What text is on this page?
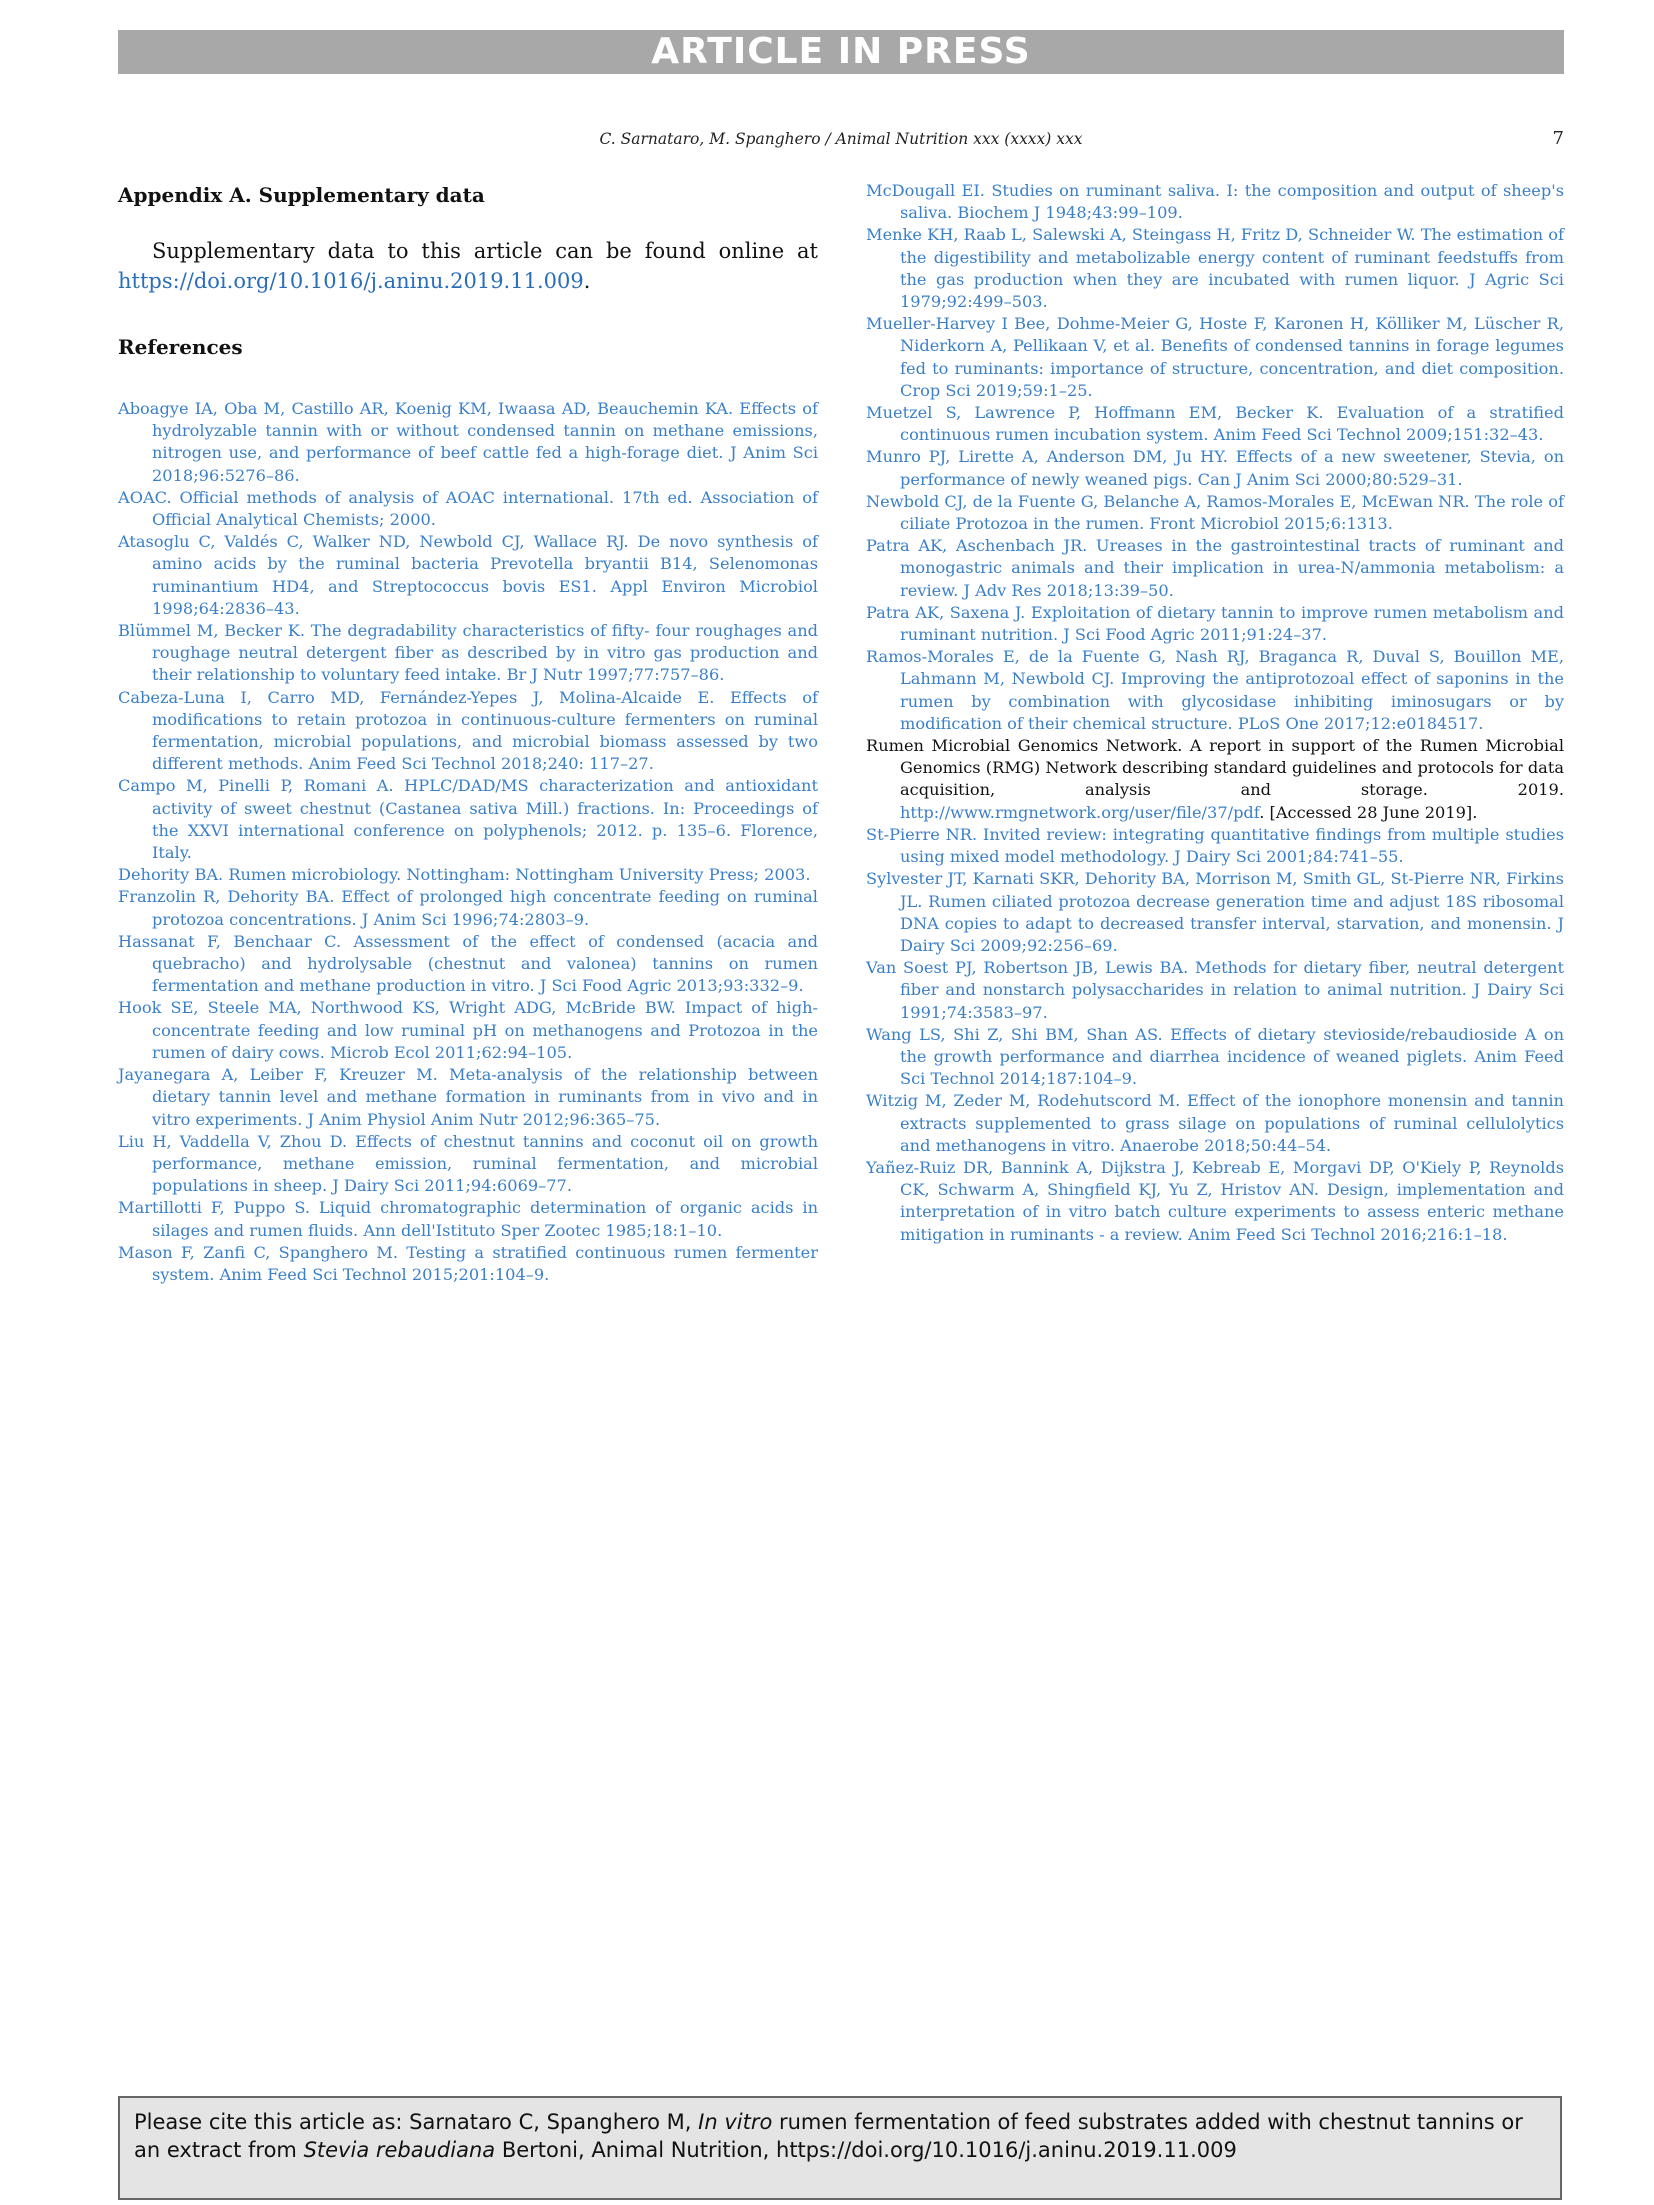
ARTICLE IN PRESS
C. Sarnataro, M. Spanghero / Animal Nutrition xxx (xxxx) xxx	7
Appendix A. Supplementary data

Supplementary data to this article can be found online at https://doi.org/10.1016/j.aninu.2019.11.009.

References
Aboagye IA, Oba M, Castillo AR, Koenig KM, Iwaasa AD, Beauchemin KA. Effects of hydrolyzable tannin with or without condensed tannin on methane emissions, nitrogen use, and performance of beef cattle fed a high-forage diet. J Anim Sci 2018;96:5276–86.
AOAC. Official methods of analysis of AOAC international. 17th ed. Association of Official Analytical Chemists; 2000.
Atasoglu C, Valdés C, Walker ND, Newbold CJ, Wallace RJ. De novo synthesis of amino acids by the ruminal bacteria Prevotella bryantii B14, Selenomonas ruminantium HD4, and Streptococcus bovis ES1. Appl Environ Microbiol 1998;64:2836–43.
Blümmel M, Becker K. The degradability characteristics of fifty- four roughages and roughage neutral detergent fiber as described by in vitro gas production and their relationship to voluntary feed intake. Br J Nutr 1997;77:757–86.
Cabeza-Luna I, Carro MD, Fernández-Yepes J, Molina-Alcaide E. Effects of modifications to retain protozoa in continuous-culture fermenters on ruminal fermentation, microbial populations, and microbial biomass assessed by two different methods. Anim Feed Sci Technol 2018;240: 117–27.
Campo M, Pinelli P, Romani A. HPLC/DAD/MS characterization and antioxidant activity of sweet chestnut (Castanea sativa Mill.) fractions. In: Proceedings of the XXVI international conference on polyphenols; 2012. p. 135–6. Florence, Italy.
Dehority BA. Rumen microbiology. Nottingham: Nottingham University Press; 2003.
Franzolin R, Dehority BA. Effect of prolonged high concentrate feeding on ruminal protozoa concentrations. J Anim Sci 1996;74:2803–9.
Hassanat F, Benchaar C. Assessment of the effect of condensed (acacia and quebracho) and hydrolysable (chestnut and valonea) tannins on rumen fermentation and methane production in vitro. J Sci Food Agric 2013;93:332–9.
Hook SE, Steele MA, Northwood KS, Wright ADG, McBride BW. Impact of high-concentrate feeding and low ruminal pH on methanogens and Protozoa in the rumen of dairy cows. Microb Ecol 2011;62:94–105.
Jayanegara A, Leiber F, Kreuzer M. Meta-analysis of the relationship between dietary tannin level and methane formation in ruminants from in vivo and in vitro experiments. J Anim Physiol Anim Nutr 2012;96:365–75.
Liu H, Vaddella V, Zhou D. Effects of chestnut tannins and coconut oil on growth performance, methane emission, ruminal fermentation, and microbial populations in sheep. J Dairy Sci 2011;94:6069–77.
Martillotti F, Puppo S. Liquid chromatographic determination of organic acids in silages and rumen fluids. Ann dell'Istituto Sper Zootec 1985;18:1–10.
Mason F, Zanfi C, Spanghero M. Testing a stratified continuous rumen fermenter system. Anim Feed Sci Technol 2015;201:104–9.
McDougall EI. Studies on ruminant saliva. I: the composition and output of sheep's saliva. Biochem J 1948;43:99–109.
Menke KH, Raab L, Salewski A, Steingass H, Fritz D, Schneider W. The estimation of the digestibility and metabolizable energy content of ruminant feedstuffs from the gas production when they are incubated with rumen liquor. J Agric Sci 1979;92:499–503.
Mueller-Harvey I Bee, Dohme-Meier G, Hoste F, Karonen H, Kölliker M, Lüscher R, Niderkorn A, Pellikaan V, et al. Benefits of condensed tannins in forage legumes fed to ruminants: importance of structure, concentration, and diet composition. Crop Sci 2019;59:1–25.
Muetzel S, Lawrence P, Hoffmann EM, Becker K. Evaluation of a stratified continuous rumen incubation system. Anim Feed Sci Technol 2009;151:32–43.
Munro PJ, Lirette A, Anderson DM, Ju HY. Effects of a new sweetener, Stevia, on performance of newly weaned pigs. Can J Anim Sci 2000;80:529–31.
Newbold CJ, de la Fuente G, Belanche A, Ramos-Morales E, McEwan NR. The role of ciliate Protozoa in the rumen. Front Microbiol 2015;6:1313.
Patra AK, Aschenbach JR. Ureases in the gastrointestinal tracts of ruminant and monogastric animals and their implication in urea-N/ammonia metabolism: a review. J Adv Res 2018;13:39–50.
Patra AK, Saxena J. Exploitation of dietary tannin to improve rumen metabolism and ruminant nutrition. J Sci Food Agric 2011;91:24–37.
Ramos-Morales E, de la Fuente G, Nash RJ, Braganca R, Duval S, Bouillon ME, Lahmann M, Newbold CJ. Improving the antiprotozoal effect of saponins in the rumen by combination with glycosidase inhibiting iminosugars or by modification of their chemical structure. PLoS One 2017;12:e0184517.
Rumen Microbial Genomics Network. A report in support of the Rumen Microbial Genomics (RMG) Network describing standard guidelines and protocols for data acquisition, analysis and storage. 2019. http://www.rmgnetwork.org/user/file/37/pdf. [Accessed 28 June 2019].
St-Pierre NR. Invited review: integrating quantitative findings from multiple studies using mixed model methodology. J Dairy Sci 2001;84:741–55.
Sylvester JT, Karnati SKR, Dehority BA, Morrison M, Smith GL, St-Pierre NR, Firkins JL. Rumen ciliated protozoa decrease generation time and adjust 18S ribosomal DNA copies to adapt to decreased transfer interval, starvation, and monensin. J Dairy Sci 2009;92:256–69.
Van Soest PJ, Robertson JB, Lewis BA. Methods for dietary fiber, neutral detergent fiber and nonstarch polysaccharides in relation to animal nutrition. J Dairy Sci 1991;74:3583–97.
Wang LS, Shi Z, Shi BM, Shan AS. Effects of dietary stevioside/rebaudioside A on the growth performance and diarrhea incidence of weaned piglets. Anim Feed Sci Technol 2014;187:104–9.
Witzig M, Zeder M, Rodehutscord M. Effect of the ionophore monensin and tannin extracts supplemented to grass silage on populations of ruminal cellulolytics and methanogens in vitro. Anaerobe 2018;50:44–54.
Yañez-Ruiz DR, Bannink A, Dijkstra J, Kebreab E, Morgavi DP, O'Kiely P, Reynolds CK, Schwarm A, Shingfield KJ, Yu Z, Hristov AN. Design, implementation and interpretation of in vitro batch culture experiments to assess enteric methane mitigation in ruminants - a review. Anim Feed Sci Technol 2016;216:1–18.
Please cite this article as: Sarnataro C, Spanghero M, In vitro rumen fermentation of feed substrates added with chestnut tannins or an extract from Stevia rebaudiana Bertoni, Animal Nutrition, https://doi.org/10.1016/j.aninu.2019.11.009
